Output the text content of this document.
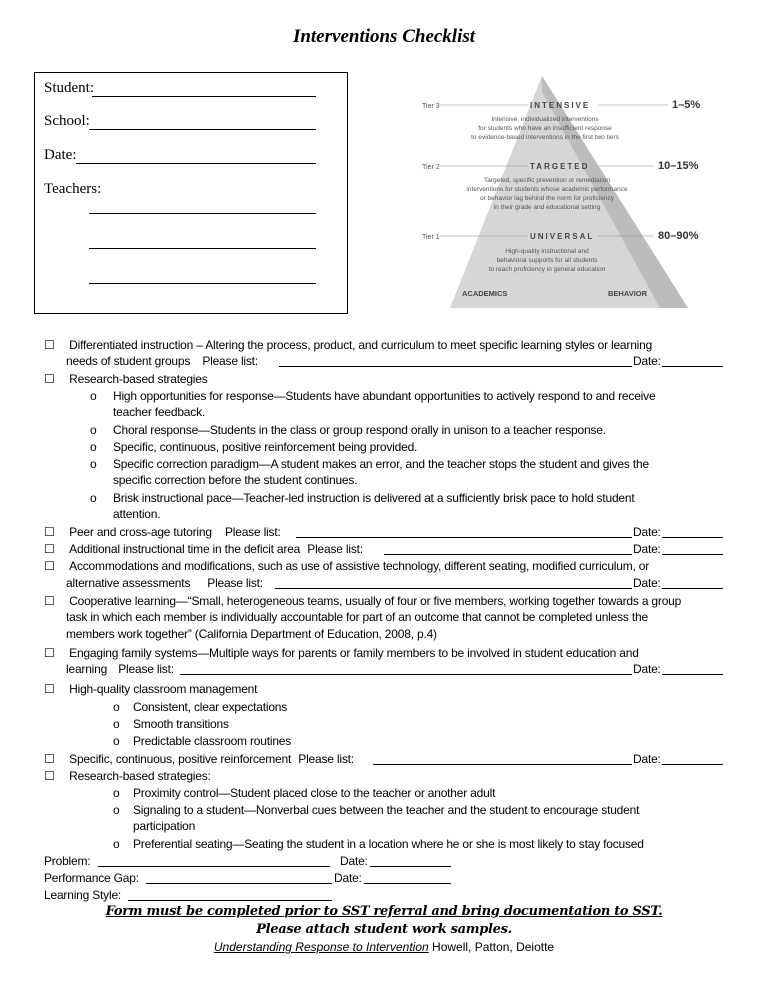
Interventions Checklist
Student:
School:
Date:
Teachers:
Tier 3	INTENSIVE	1–5%
Intensive, individualized interventions
for students who have an insufficient response
to evidence-based interventions in the first two tiers
Tier 2	TARGETED	10–15%
Targeted, specific prevention or remediation
interventions for students whose academic performance
or behavior lag behind the norm for proficiency
in their grade and educational setting
Tier 1	UNIVERSAL	80–90%
High-quality instructional and
behavioral supports for all students
to reach proficiency in general education
ACADEMICS	BEHAVIOR
☐ Differentiated instruction – Altering the process, product, and curriculum to meet specific learning styles or learning
needs of student groups Please list:	Date:
☐ Research-based strategies
o High opportunities for response—Students have abundant opportunities to actively respond to and receive
teacher feedback.
o Choral response—Students in the class or group respond orally in unison to a teacher response.
o Specific, continuous, positive reinforcement being provided.
o Specific correction paradigm—A student makes an error, and the teacher stops the student and gives the
specific correction before the student continues.
o Brisk instructional pace—Teacher-led instruction is delivered at a sufficiently brisk pace to hold student
attention.
☐ Peer and cross-age tutoring Please list:	Date:
☐ Additional instructional time in the deficit area Please list:	Date:
☐ Accommodations and modifications, such as use of assistive technology, different seating, modified curriculum, or
alternative assessments Please list:	Date:
☐ Cooperative learning—“Small, heterogeneous teams, usually of four or five members, working together towards a group
task in which each member is individually accountable for part of an outcome that cannot be completed unless the
members work together” (California Department of Education, 2008, p.4)
☐ Engaging family systems—Multiple ways for parents or family members to be involved in student education and
learning Please list:	Date:
☐ High-quality classroom management
o Consistent, clear expectations
o Smooth transitions
o Predictable classroom routines
☐ Specific, continuous, positive reinforcement Please list:	Date:
☐ Research-based strategies:
o Proximity control—Student placed close to the teacher or another adult
o Signaling to a student—Nonverbal cues between the teacher and the student to encourage student
participation
o Preferential seating—Seating the student in a location where he or she is most likely to stay focused
Problem:	Date:
Performance Gap:	Date:
Learning Style:
Form must be completed prior to SST referral and bring documentation to SST.
Please attach student work samples.
Understanding Response to Intervention Howell, Patton, Deiotte
